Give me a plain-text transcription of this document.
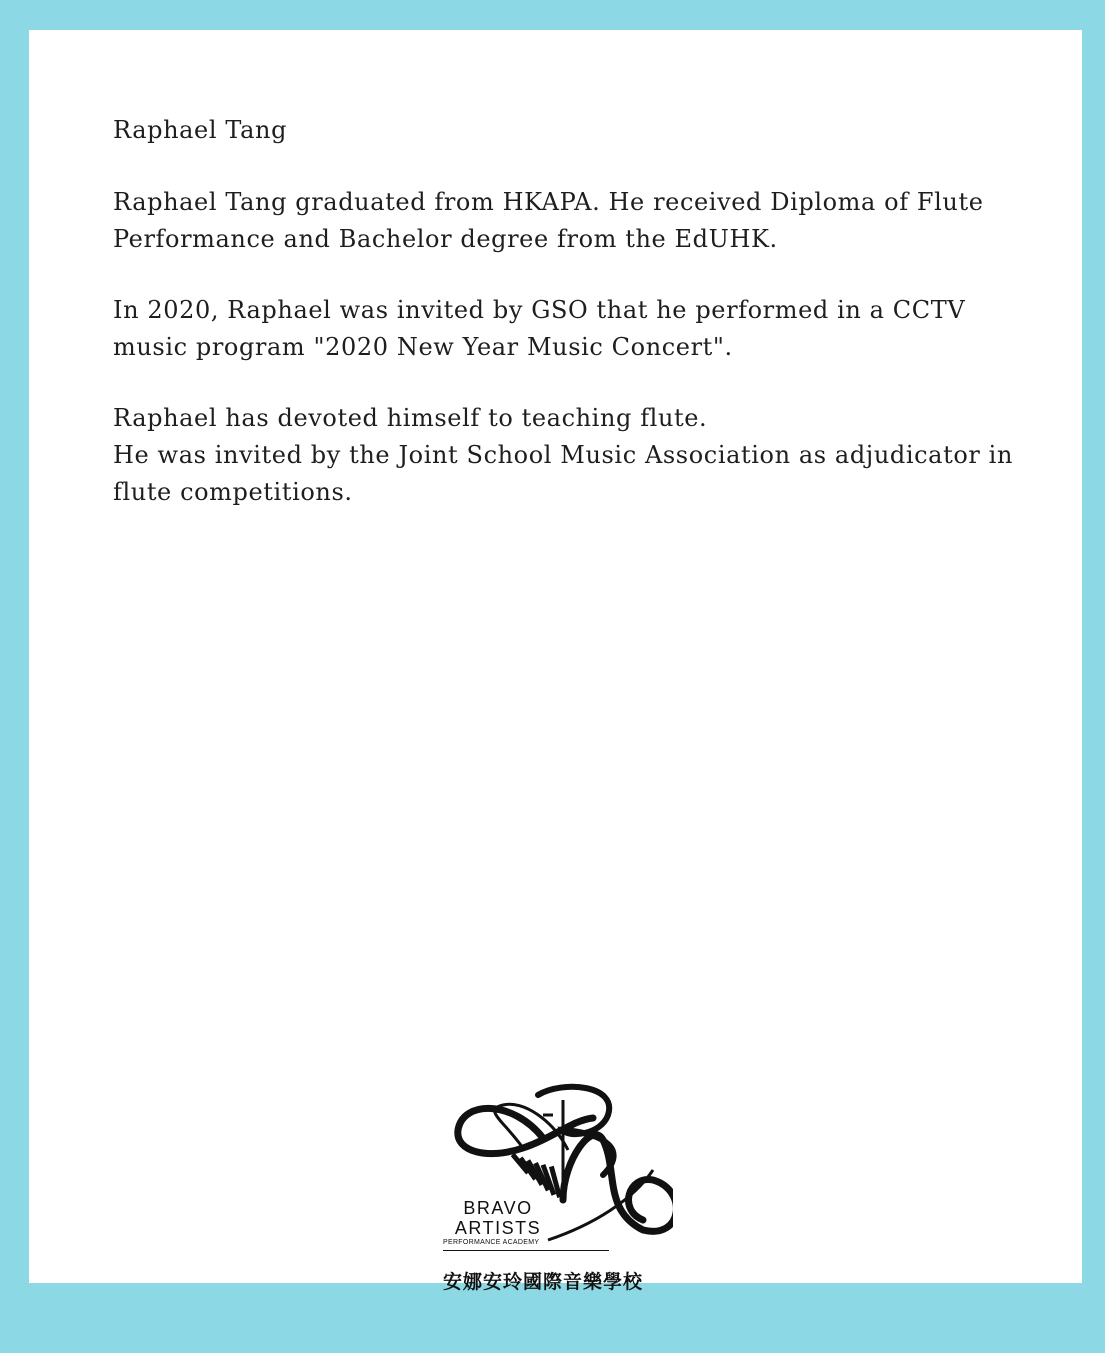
Raphael Tang

Raphael Tang graduated from HKAPA. He received Diploma of Flute
Performance and Bachelor degree from the EdUHK.

In 2020, Raphael was invited by GSO that he performed in a CCTV
music program "2020 New Year Music Concert".

Raphael has devoted himself to teaching flute.
He was invited by the Joint School Music Association as adjudicator in
flute competitions.

BRAVO
ARTISTS
PERFORMANCE ACADEMY
安娜安玲國際音樂學校
